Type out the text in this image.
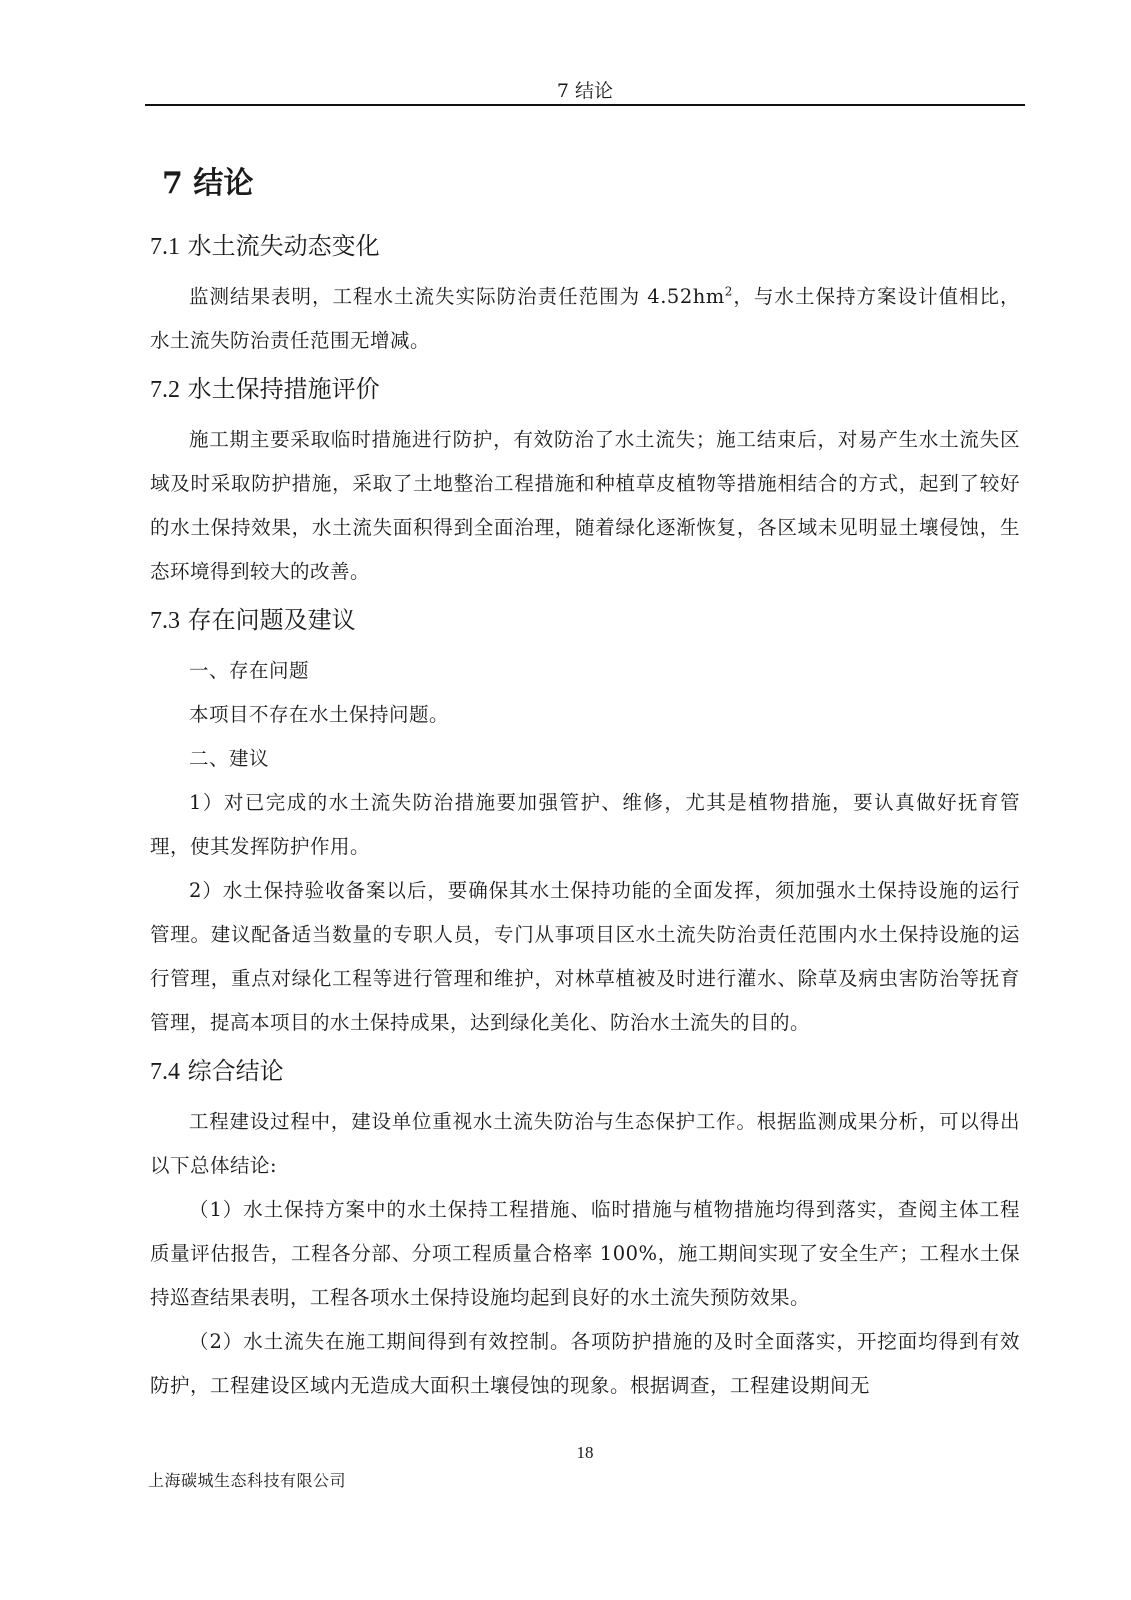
7 结论
7 结论
7.1 水土流失动态变化

监测结果表明，工程水土流失实际防治责任范围为 $4.52hm^2$，与水土保持方案设计值相比，水土流失防治责任范围无增减。

7.2 水土保持措施评价

施工期主要采取临时措施进行防护，有效防治了水土流失；施工结束后，对易产生水土流失区域及时采取防护措施，采取了土地整治工程措施和种植草皮植物等措施相结合的方式，起到了较好的水土保持效果，水土流失面积得到全面治理，随着绿化逐渐恢复，各区域未见明显土壤侵蚀，生态环境得到较大的改善。

7.3 存在问题及建议

一、存在问题

本项目不存在水土保持问题。

二、建议

1）对已完成的水土流失防治措施要加强管护、维修，尤其是植物措施，要认真做好抚育管理，使其发挥防护作用。

2）水土保持验收备案以后，要确保其水土保持功能的全面发挥，须加强水土保持设施的运行管理。建议配备适当数量的专职人员，专门从事项目区水土流失防治责任范围内水土保持设施的运行管理，重点对绿化工程等进行管理和维护，对林草植被及时进行灌水、除草及病虫害防治等抚育管理，提高本项目的水土保持成果，达到绿化美化、防治水土流失的目的。

7.4 综合结论

工程建设过程中，建设单位重视水土流失防治与生态保护工作。根据监测成果分析，可以得出以下总体结论:

（1）水土保持方案中的水土保持工程措施、临时措施与植物措施均得到落实，查阅主体工程质量评估报告，工程各分部、分项工程质量合格率 100%，施工期间实现了安全生产；工程水土保持巡查结果表明，工程各项水土保持设施均起到良好的水土流失预防效果。

（2）水土流失在施工期间得到有效控制。各项防护措施的及时全面落实，开挖面均得到有效防护，工程建设区域内无造成大面积土壤侵蚀的现象。根据调查，工程建设期间无

18
上海碳城生态科技有限公司
